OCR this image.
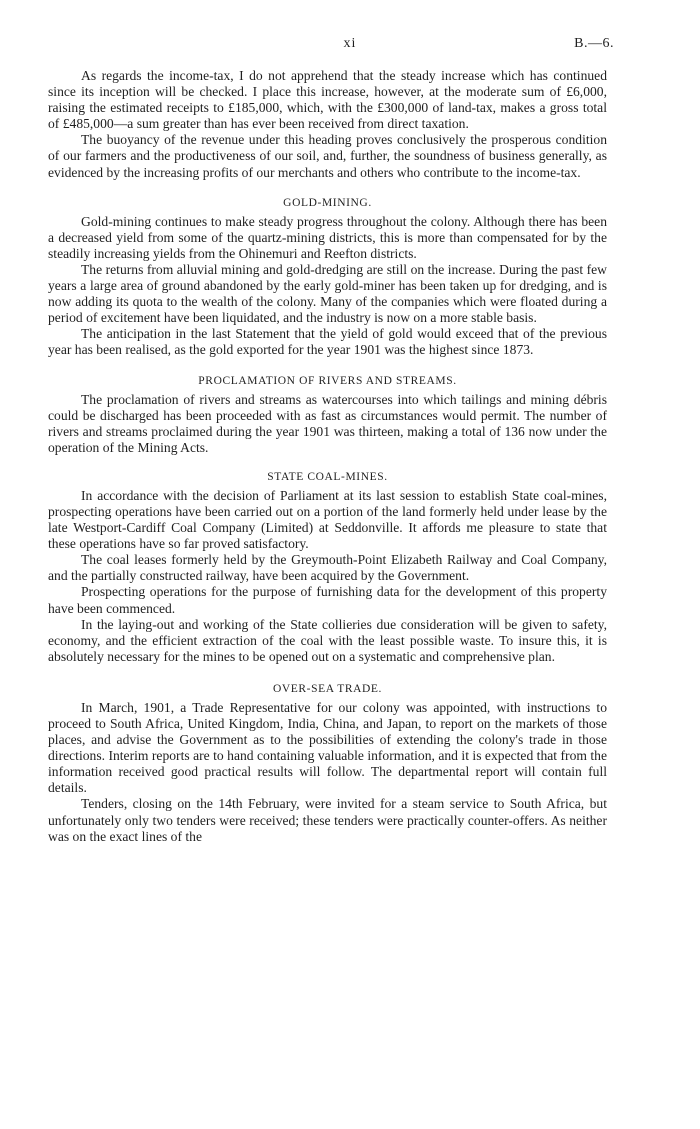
xi	B.—6.

As regards the income-tax, I do not apprehend that the steady increase which has continued since its inception will be checked. I place this increase, however, at the moderate sum of £6,000, raising the estimated receipts to £185,000, which, with the £300,000 of land-tax, makes a gross total of £485,000—a sum greater than has ever been received from direct taxation.

The buoyancy of the revenue under this heading proves conclusively the prosperous condition of our farmers and the productiveness of our soil, and, further, the soundness of business generally, as evidenced by the increasing profits of our merchants and others who contribute to the income-tax.

GOLD-MINING.

Gold-mining continues to make steady progress throughout the colony. Although there has been a decreased yield from some of the quartz-mining districts, this is more than compensated for by the steadily increasing yields from the Ohinemuri and Reefton districts.

The returns from alluvial mining and gold-dredging are still on the increase. During the past few years a large area of ground abandoned by the early gold-miner has been taken up for dredging, and is now adding its quota to the wealth of the colony. Many of the companies which were floated during a period of excitement have been liquidated, and the industry is now on a more stable basis.

The anticipation in the last Statement that the yield of gold would exceed that of the previous year has been realised, as the gold exported for the year 1901 was the highest since 1873.

PROCLAMATION OF RIVERS AND STREAMS.

The proclamation of rivers and streams as watercourses into which tailings and mining débris could be discharged has been proceeded with as fast as circumstances would permit. The number of rivers and streams proclaimed during the year 1901 was thirteen, making a total of 136 now under the operation of the Mining Acts.

STATE COAL-MINES.

In accordance with the decision of Parliament at its last session to establish State coal-mines, prospecting operations have been carried out on a portion of the land formerly held under lease by the late Westport-Cardiff Coal Company (Limited) at Seddonville. It affords me pleasure to state that these operations have so far proved satisfactory.

The coal leases formerly held by the Greymouth-Point Elizabeth Railway and Coal Company, and the partially constructed railway, have been acquired by the Government.

Prospecting operations for the purpose of furnishing data for the development of this property have been commenced.

In the laying-out and working of the State collieries due consideration will be given to safety, economy, and the efficient extraction of the coal with the least possible waste. To insure this, it is absolutely necessary for the mines to be opened out on a systematic and comprehensive plan.

OVER-SEA TRADE.

In March, 1901, a Trade Representative for our colony was appointed, with instructions to proceed to South Africa, United Kingdom, India, China, and Japan, to report on the markets of those places, and advise the Government as to the possibilities of extending the colony's trade in those directions. Interim reports are to hand containing valuable information, and it is expected that from the information received good practical results will follow. The departmental report will contain full details.

Tenders, closing on the 14th February, were invited for a steam service to South Africa, but unfortunately only two tenders were received; these tenders were practically counter-offers. As neither was on the exact lines of the
